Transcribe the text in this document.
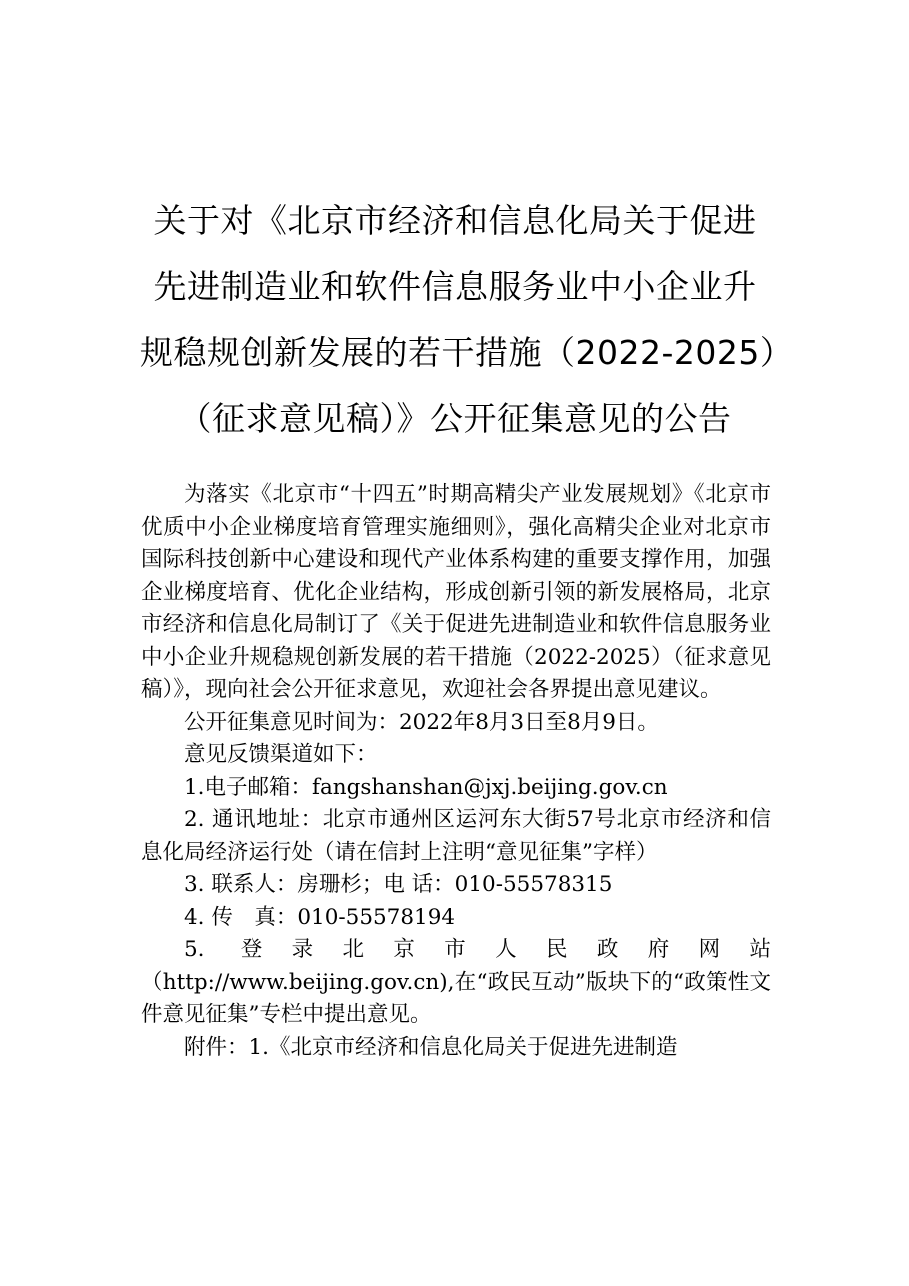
关于对《北京市经济和信息化局关于促进
先进制造业和软件信息服务业中小企业升
规稳规创新发展的若干措施（2022-2025）
（征求意见稿）》公开征集意见的公告

为落实《北京市“十四五”时期高精尖产业发展规划》《北京市优质中小企业梯度培育管理实施细则》，强化高精尖企业对北京市国际科技创新中心建设和现代产业体系构建的重要支撑作用，加强企业梯度培育、优化企业结构，形成创新引领的新发展格局，北京市经济和信息化局制订了《关于促进先进制造业和软件信息服务业中小企业升规稳规创新发展的若干措施（2022-2025）（征求意见稿）》，现向社会公开征求意见，欢迎社会各界提出意见建议。

公开征集意见时间为：2022年8月3日至8月9日。

意见反馈渠道如下：

1.电子邮箱：fangshanshan@jxj.beijing.gov.cn

2. 通讯地址：北京市通州区运河东大街57号北京市经济和信息化局经济运行处（请在信封上注明“意见征集”字样）

3. 联系人：房珊杉；电 话：010-55578315

4. 传　真：010-55578194

5. 登录北京市人民政府网站

（http://www.beijing.gov.cn),在“政民互动”版块下的“政策性文件意见征集”专栏中提出意见。

附件：1.《北京市经济和信息化局关于促进先进制造
